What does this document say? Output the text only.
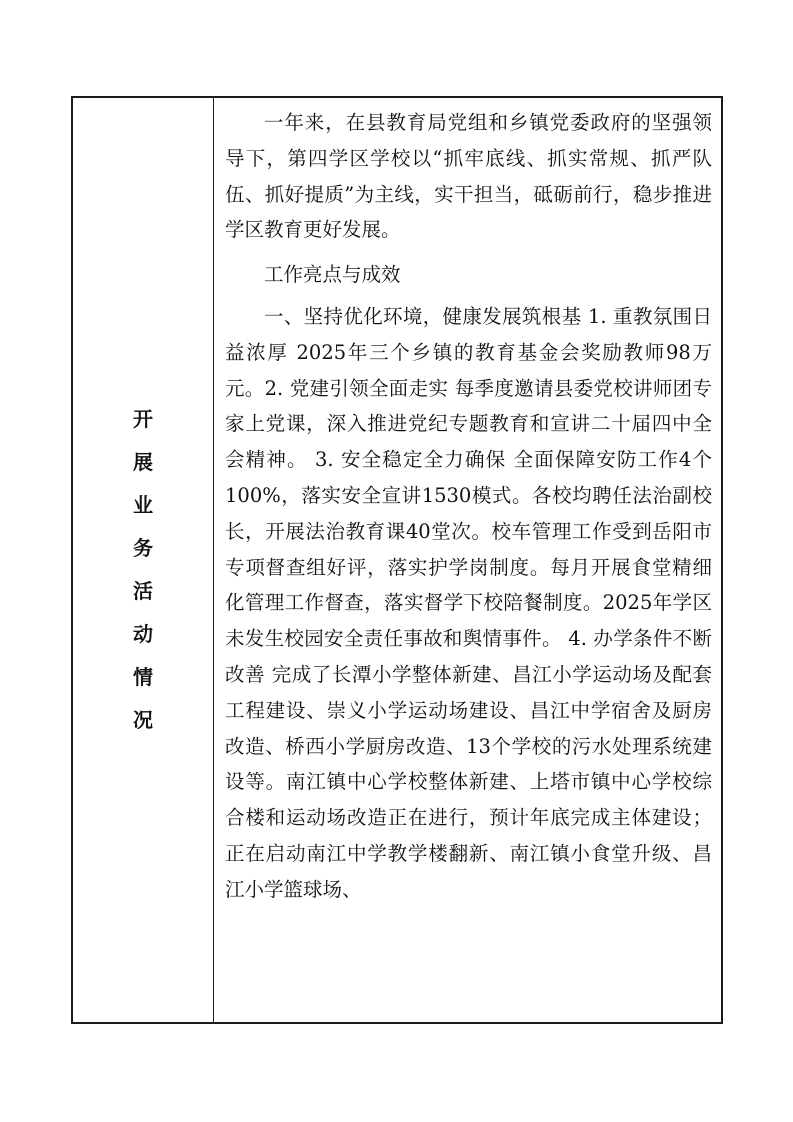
开
展
业
务
活
动
情
况

一年来，在县教育局党组和乡镇党委政府的坚强领导下，第四学区学校以“抓牢底线、抓实常规、抓严队伍、抓好提质”为主线，实干担当，砥砺前行，稳步推进学区教育更好发展。

工作亮点与成效

一、坚持优化环境，健康发展筑根基 1. 重教氛围日益浓厚 2025年三个乡镇的教育基金会奖励教师98万元。2. 党建引领全面走实 每季度邀请县委党校讲师团专家上党课，深入推进党纪专题教育和宣讲二十届四中全会精神。 3. 安全稳定全力确保 全面保障安防工作4个100%，落实安全宣讲1530模式。各校均聘任法治副校长，开展法治教育课40堂次。校车管理工作受到岳阳市专项督查组好评，落实护学岗制度。每月开展食堂精细化管理工作督查，落实督学下校陪餐制度。2025年学区未发生校园安全责任事故和舆情事件。 4. 办学条件不断改善 完成了长潭小学整体新建、昌江小学运动场及配套工程建设、崇义小学运动场建设、昌江中学宿舍及厨房改造、桥西小学厨房改造、13个学校的污水处理系统建设等。南江镇中心学校整体新建、上塔市镇中心学校综合楼和运动场改造正在进行，预计年底完成主体建设；正在启动南江中学教学楼翻新、南江镇小食堂升级、昌江小学篮球场、
